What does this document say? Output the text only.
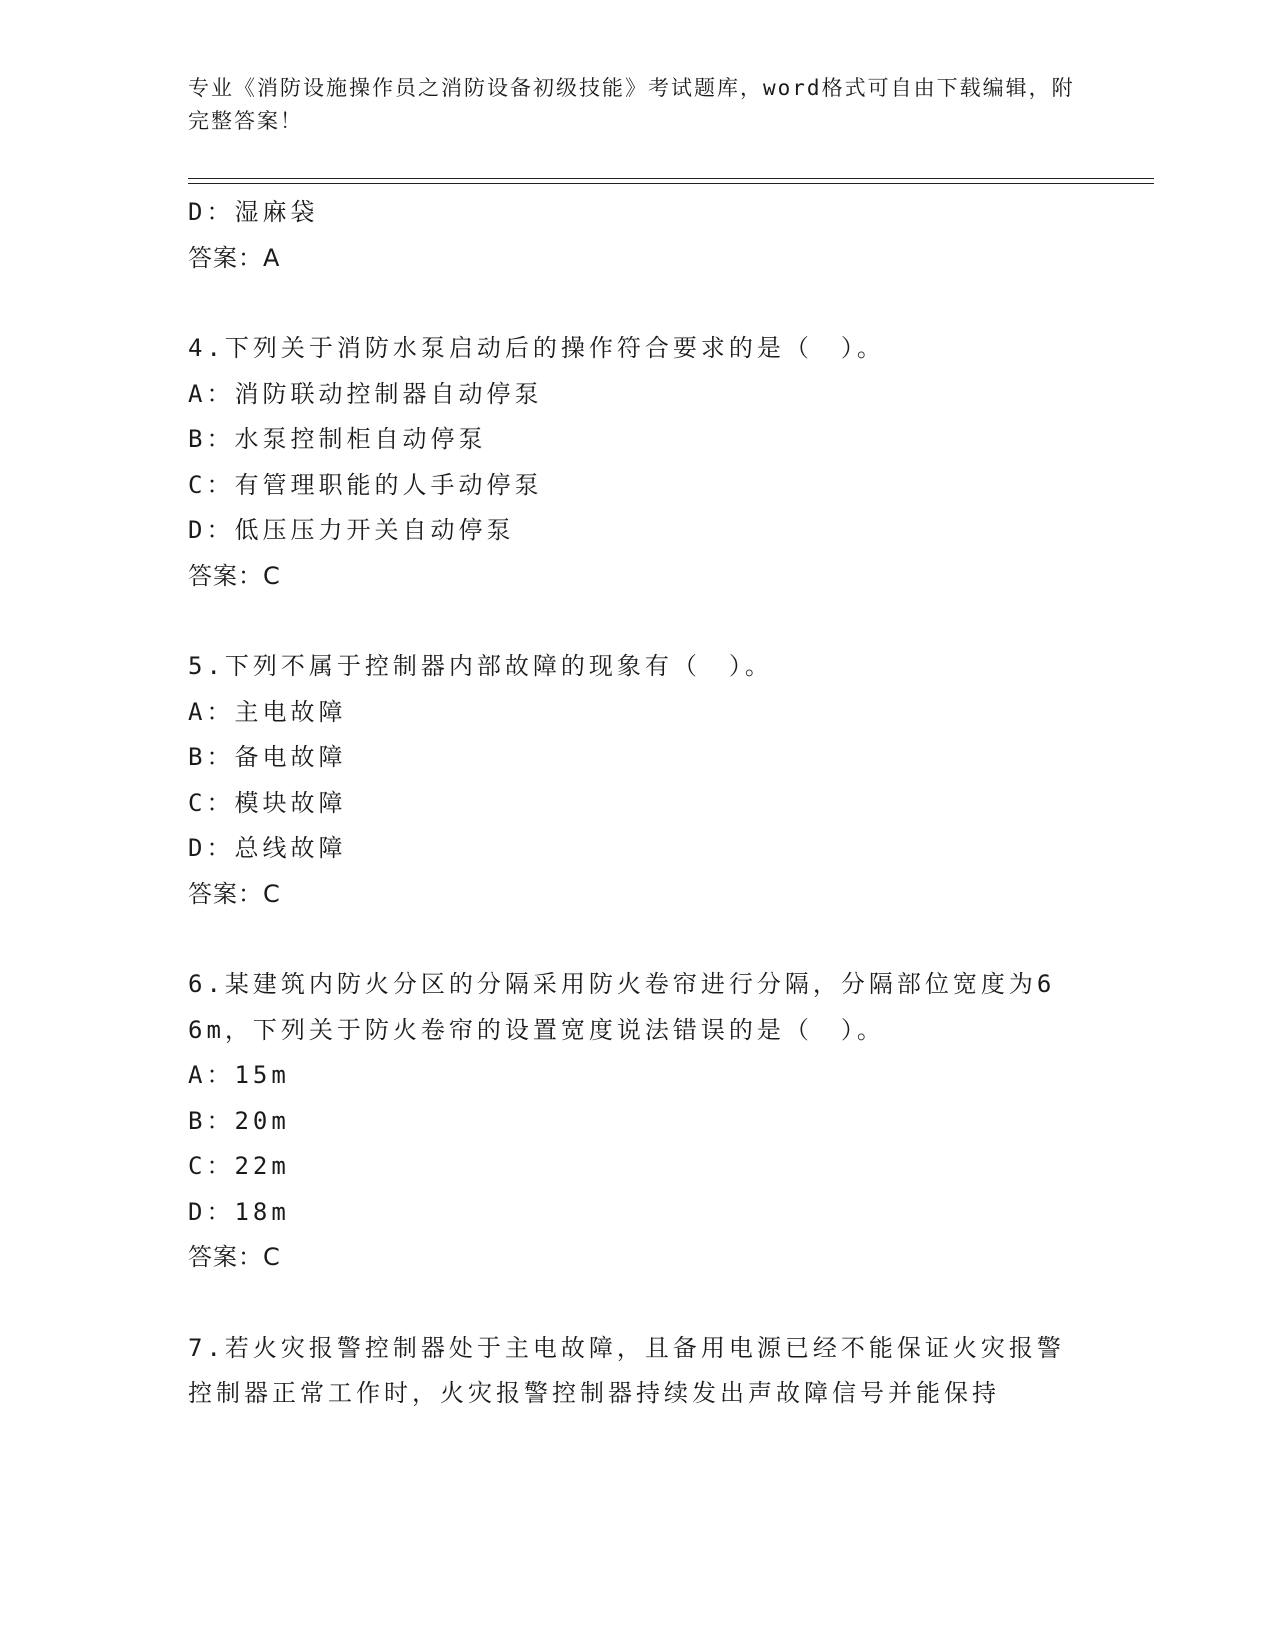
专业《消防设施操作员之消防设备初级技能》考试题库，word格式可自由下载编辑，附完整答案！
D：湿麻袋
答案：A
4.下列关于消防水泵启动后的操作符合要求的是（　）。
A：消防联动控制器自动停泵
B：水泵控制柜自动停泵
C：有管理职能的人手动停泵
D：低压压力开关自动停泵
答案：C
5.下列不属于控制器内部故障的现象有（　）。
A：主电故障
B：备电故障
C：模块故障
D：总线故障
答案：C
6.某建筑内防火分区的分隔采用防火卷帘进行分隔，分隔部位宽度为66m，下列关于防火卷帘的设置宽度说法错误的是（　）。
A：15m
B：20m
C：22m
D：18m
答案：C
7.若火灾报警控制器处于主电故障，且备用电源已经不能保证火灾报警控制器正常工作时，火灾报警控制器持续发出声故障信号并能保持
